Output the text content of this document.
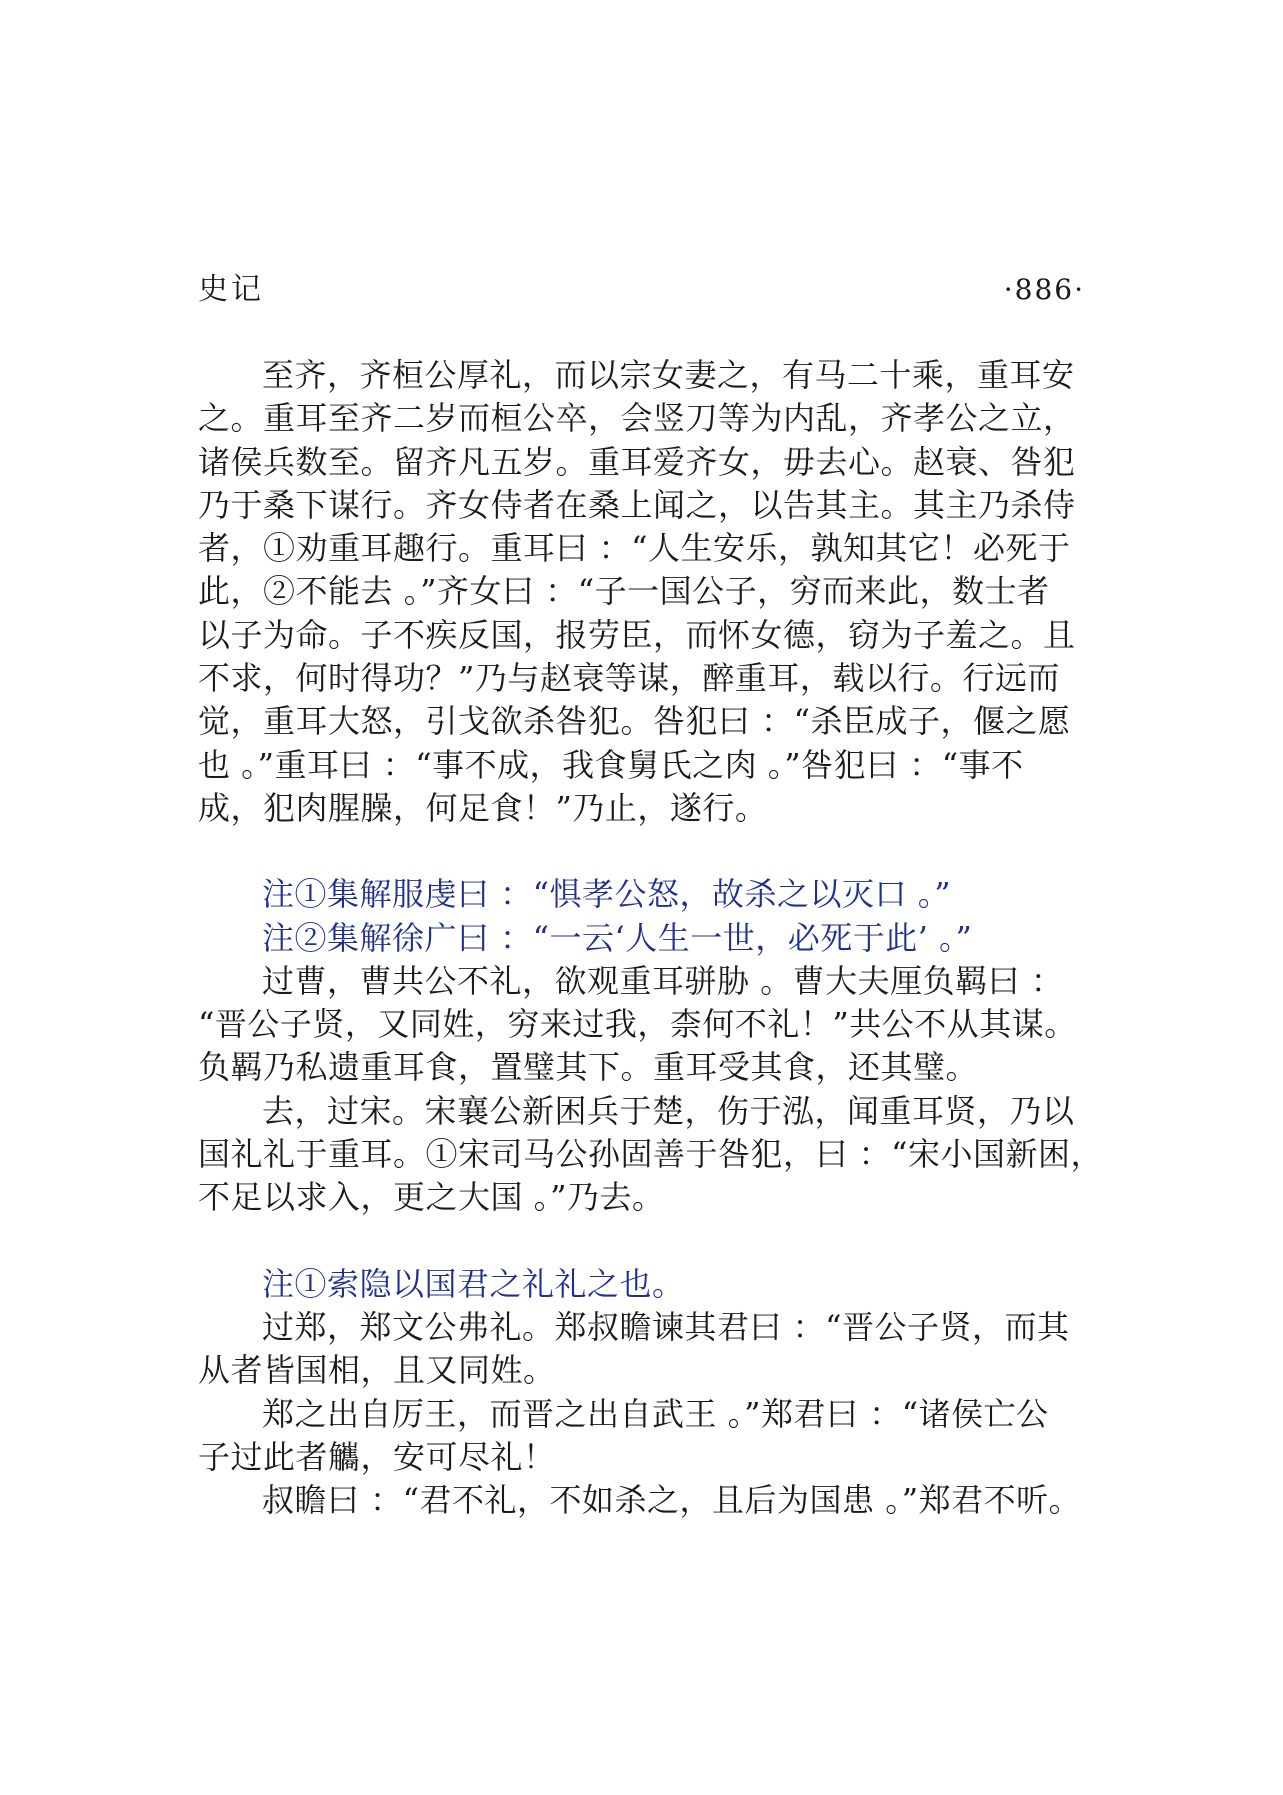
史记	·886·

至齐，齐桓公厚礼，而以宗女妻之，有马二十乘，重耳安
之。重耳至齐二岁而桓公卒，会竖刀等为内乱，齐孝公之立，
诸侯兵数至。留齐凡五岁。重耳爱齐女，毋去心。赵衰、咎犯
乃于桑下谋行。齐女侍者在桑上闻之，以告其主。其主乃杀侍
者，①劝重耳趣行。重耳曰 ：“人生安乐，孰知其它！必死于
此，②不能去 。”齐女曰 ：“子一国公子，穷而来此，数士者
以子为命。子不疾反国，报劳臣，而怀女德，窃为子羞之。且
不求，何时得功？”乃与赵衰等谋，醉重耳，载以行。行远而
觉，重耳大怒，引戈欲杀咎犯。咎犯曰 ：“杀臣成子，偃之愿
也 。”重耳曰 ：“事不成，我食舅氏之肉 。”咎犯曰 ：“事不
成，犯肉腥臊，何足食！”乃止，遂行。

注①集解服虔曰 ：“惧孝公怒，故杀之以灭口 。”

注②集解徐广曰 ：“一云‘人生一世，必死于此’ 。”

过曹，曹共公不礼，欲观重耳骈胁 。曹大夫厘负羁曰 ：
“晋公子贤，又同姓，穷来过我，柰何不礼！”共公不从其谋。
负羁乃私遗重耳食，置璧其下。重耳受其食，还其璧。

去，过宋。宋襄公新困兵于楚，伤于泓，闻重耳贤，乃以
国礼礼于重耳。①宋司马公孙固善于咎犯，曰 ：“宋小国新困，
不足以求入，更之大国 。”乃去。

注①索隐以国君之礼礼之也。

过郑，郑文公弗礼。郑叔瞻谏其君曰 ：“晋公子贤，而其
从者皆国相，且又同姓。

郑之出自厉王，而晋之出自武王 。”郑君曰 ：“诸侯亡公
子过此者觿，安可尽礼！

叔瞻曰 ：“君不礼，不如杀之，且后为国患 。”郑君不听。
